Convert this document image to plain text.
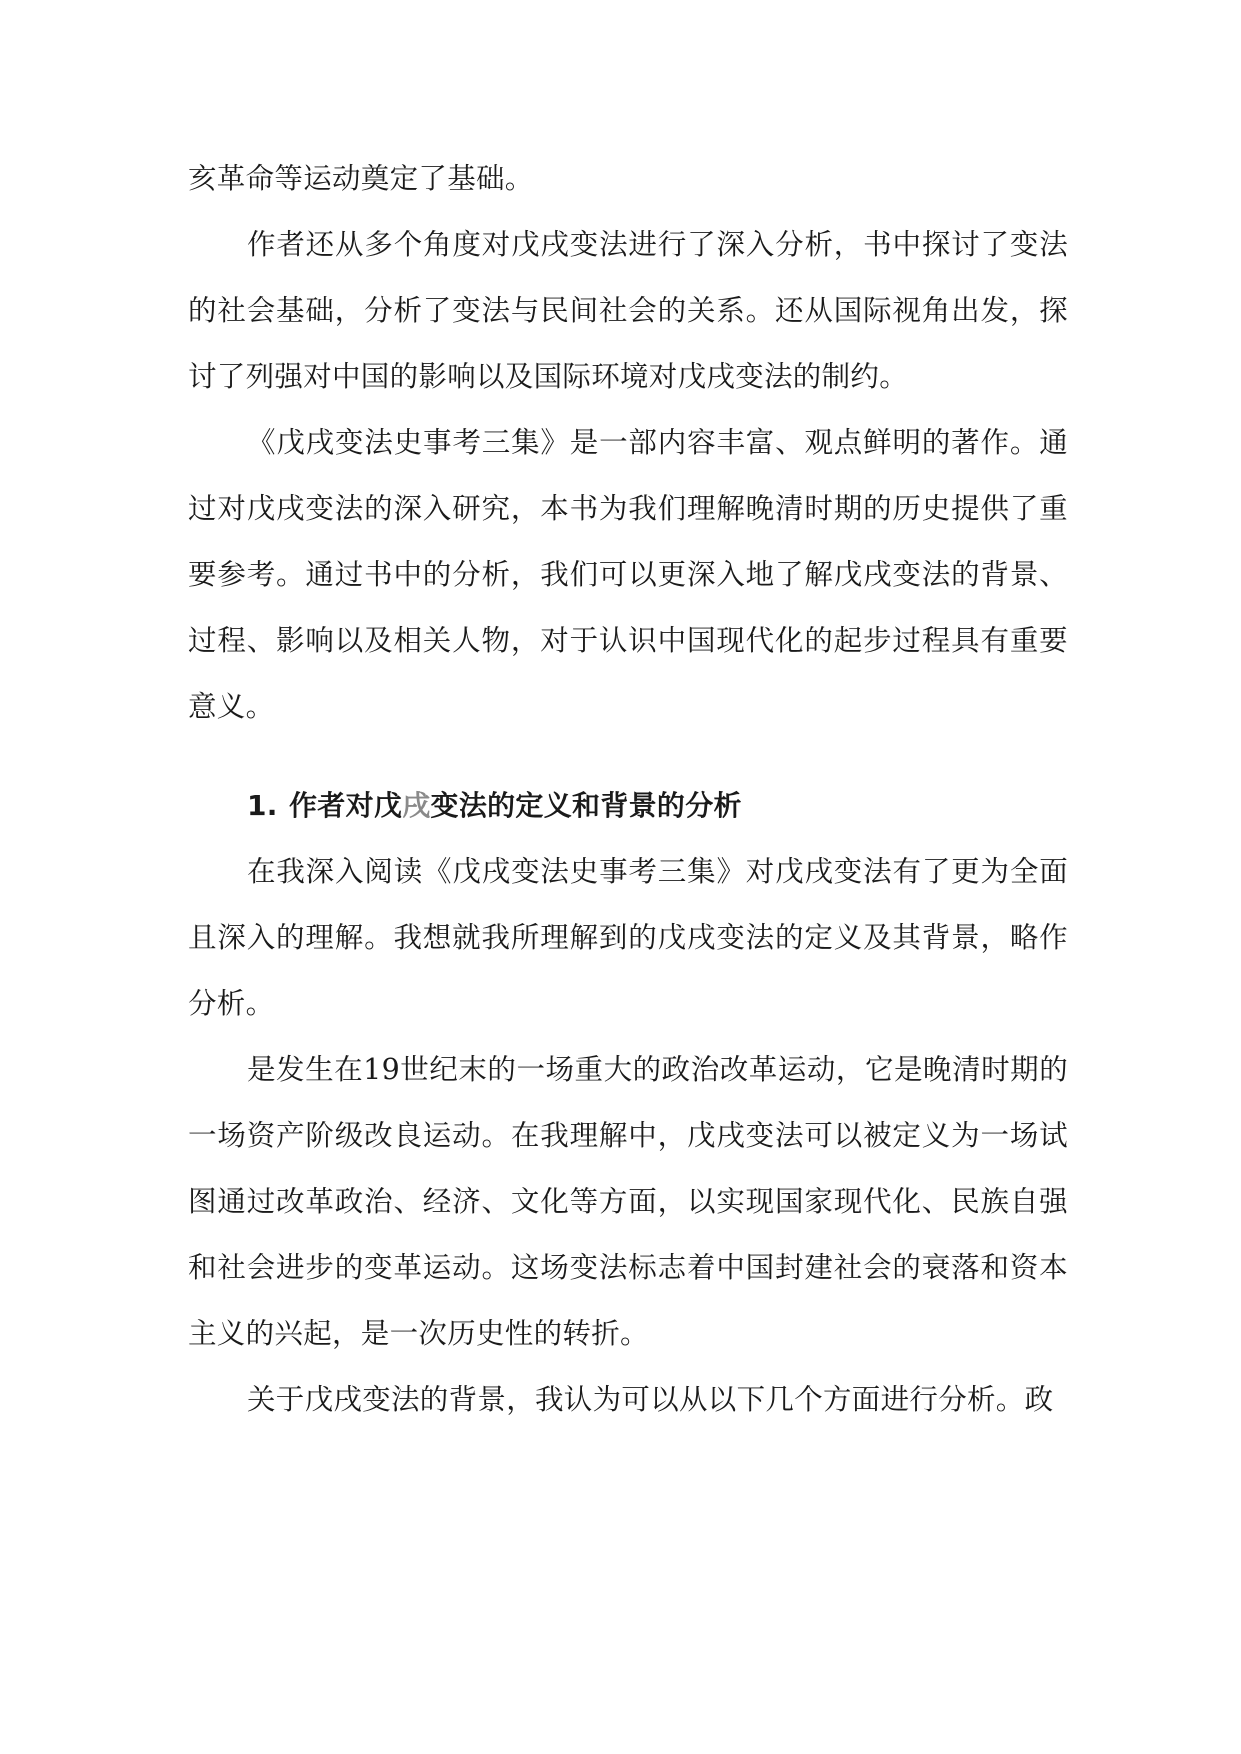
亥革命等运动奠定了基础。

作者还从多个角度对戊戌变法进行了深入分析，书中探讨了变法的社会基础，分析了变法与民间社会的关系。还从国际视角出发，探讨了列强对中国的影响以及国际环境对戊戌变法的制约。

《戊戌变法史事考三集》是一部内容丰富、观点鲜明的著作。通过对戊戌变法的深入研究，本书为我们理解晚清时期的历史提供了重要参考。通过书中的分析，我们可以更深入地了解戊戌变法的背景、过程、影响以及相关人物，对于认识中国现代化的起步过程具有重要意义。

1. 作者对戊戌变法的定义和背景的分析

在我深入阅读《戊戌变法史事考三集》对戊戌变法有了更为全面且深入的理解。我想就我所理解到的戊戌变法的定义及其背景，略作分析。

是发生在19世纪末的一场重大的政治改革运动，它是晚清时期的一场资产阶级改良运动。在我理解中，戊戌变法可以被定义为一场试图通过改革政治、经济、文化等方面，以实现国家现代化、民族自强和社会进步的变革运动。这场变法标志着中国封建社会的衰落和资本主义的兴起，是一次历史性的转折。

关于戊戌变法的背景，我认为可以从以下几个方面进行分析。政
